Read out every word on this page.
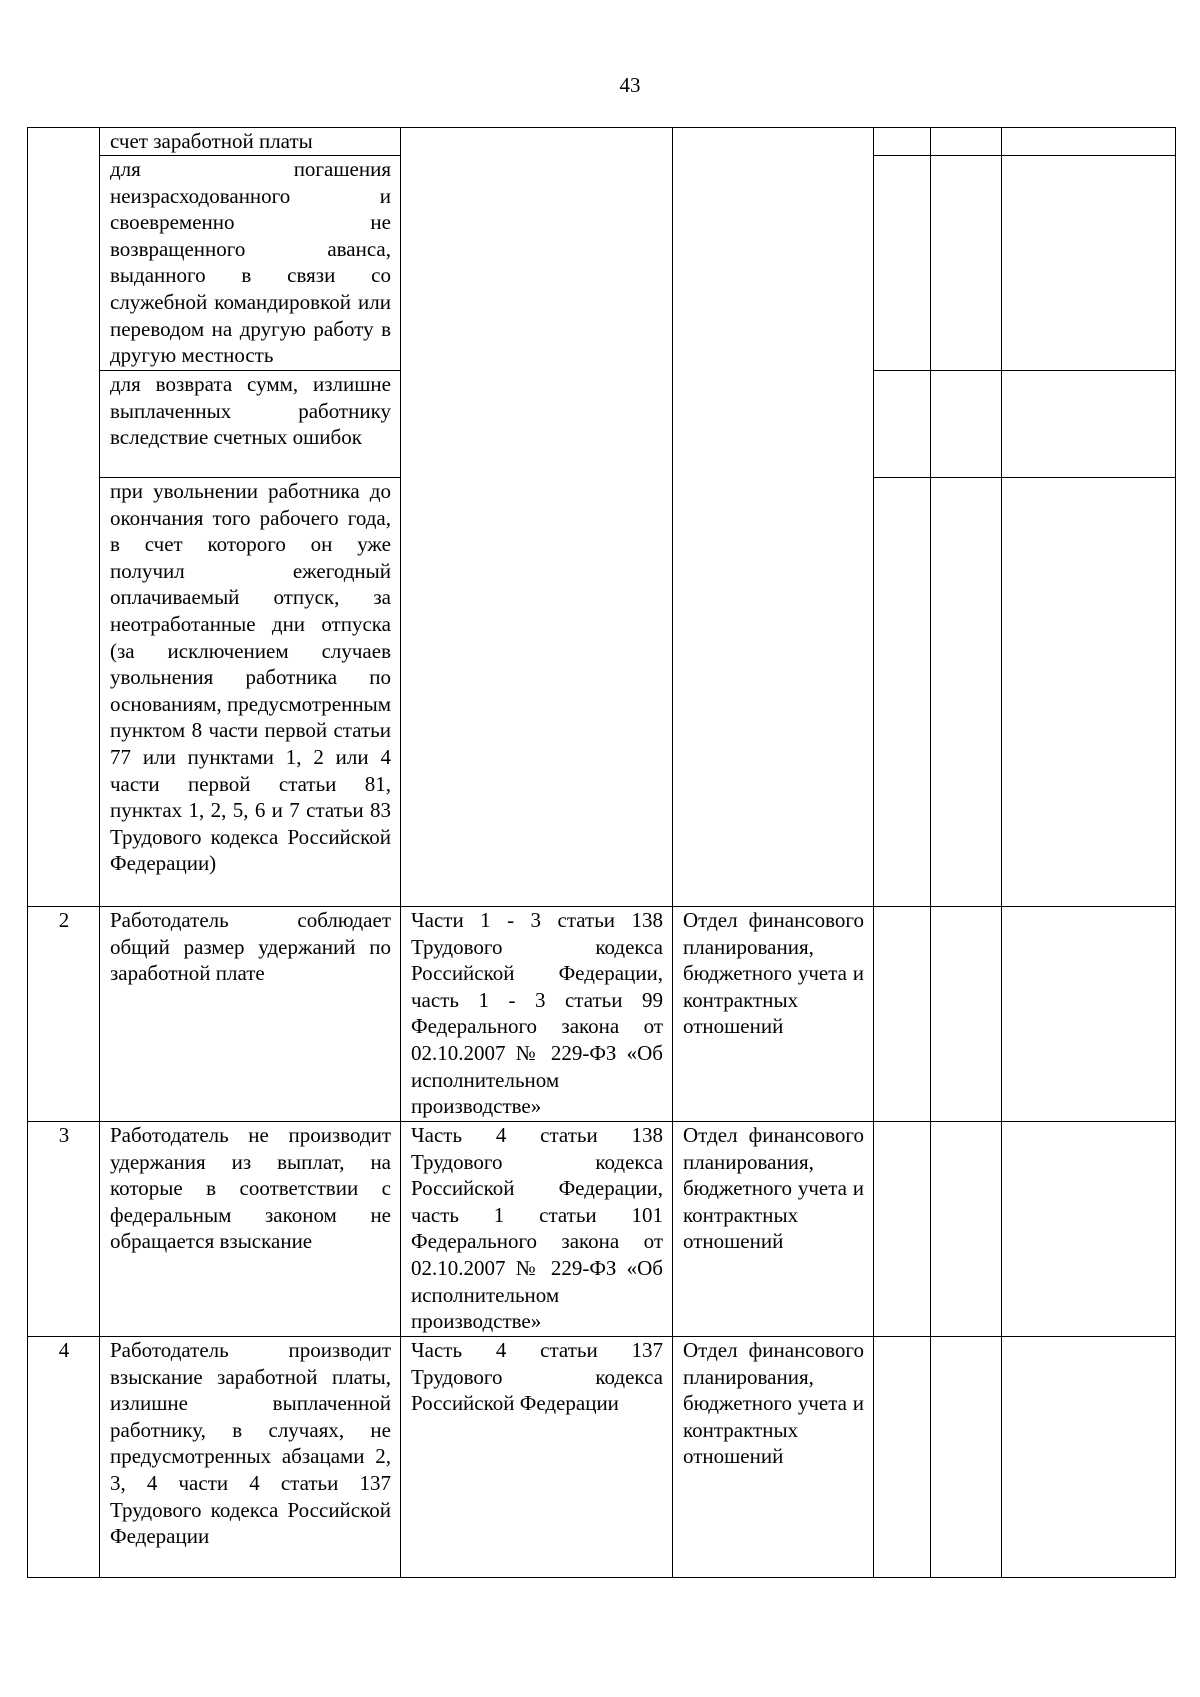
43

	счет заработной платы					

	для погашения неизрасходованного и своевременно не возвращенного аванса, выданного в связи со служебной командировкой или переводом на другую работу в другую местность					

	для возврата сумм, излишне выплаченных работнику вследствие счетных ошибок					

	при увольнении работника до окончания того рабочего года, в счет которого он уже получил ежегодный оплачиваемый отпуск, за неотработанные дни отпуска (за исключением случаев увольнения работника по основаниям, предусмотренным пунктом 8 части первой статьи 77 или пунктами 1, 2 или 4 части первой статьи 81, пунктах 1, 2, 5, 6 и 7 статьи 83 Трудового кодекса Российской Федерации)					

2	Работодатель соблюдает общий размер удержаний по заработной плате	Части 1 - 3 статьи 138 Трудового кодекса Российской Федерации, часть 1 - 3 статьи 99 Федерального закона от 02.10.2007 № 229-ФЗ «Об исполнительном производстве»	Отдел финансового планирования, бюджетного учета и контрактных отношений			

3	Работодатель не производит удержания из выплат, на которые в соответствии с федеральным законом не обращается взыскание	Часть 4 статьи 138 Трудового кодекса Российской Федерации, часть 1 статьи 101 Федерального закона от 02.10.2007 № 229-ФЗ «Об исполнительном производстве»	Отдел финансового планирования, бюджетного учета и контрактных отношений			

4	Работодатель производит взыскание заработной платы, излишне выплаченной работнику, в случаях, не предусмотренных абзацами 2, 3, 4 части 4 статьи 137 Трудового кодекса Российской Федерации	Часть 4 статьи 137 Трудового кодекса Российской Федерации	Отдел финансового планирования, бюджетного учета и контрактных отношений			
